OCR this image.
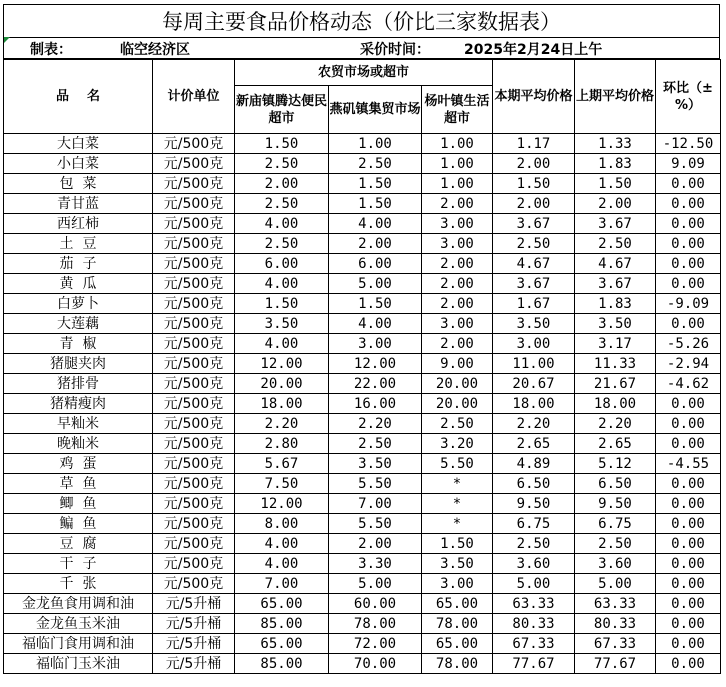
每周主要食品价格动态（价比三家数据表）
制表：	临空经济区	采价时间： 2025年2月24日上午
品    名	计价单位	农贸市场或超市			本期平均价格	上期平均价格	环比（±%）
		新庙镇腾达便民超市	燕矶镇集贸市场	杨叶镇生活超市			

大白菜	元/500克	1.50	1.00	1.00	1.17	1.33	-12.50
小白菜	元/500克	2.50	2.50	1.00	2.00	1.83	9.09
包  菜	元/500克	2.00	1.50	1.00	1.50	1.50	0.00
青甘蓝	元/500克	2.50	1.50	2.00	2.00	2.00	0.00
西红柿	元/500克	4.00	4.00	3.00	3.67	3.67	0.00
土  豆	元/500克	2.50	2.00	3.00	2.50	2.50	0.00
茄  子	元/500克	6.00	6.00	2.00	4.67	4.67	0.00
黄  瓜	元/500克	4.00	5.00	2.00	3.67	3.67	0.00
白萝卜	元/500克	1.50	1.50	2.00	1.67	1.83	-9.09
大莲藕	元/500克	3.50	4.00	3.00	3.50	3.50	0.00
青  椒	元/500克	4.00	3.00	2.00	3.00	3.17	-5.26
猪腿夹肉	元/500克	12.00	12.00	9.00	11.00	11.33	-2.94
猪排骨	元/500克	20.00	22.00	20.00	20.67	21.67	-4.62
猪精瘦肉	元/500克	18.00	16.00	20.00	18.00	18.00	0.00
早籼米	元/500克	2.20	2.20	2.50	2.20	2.20	0.00
晚籼米	元/500克	2.80	2.50	3.20	2.65	2.65	0.00
鸡  蛋	元/500克	5.67	3.50	5.50	4.89	5.12	-4.55
草  鱼	元/500克	7.50	5.50	*	6.50	6.50	0.00
鲫  鱼	元/500克	12.00	7.00	*	9.50	9.50	0.00
鳊  鱼	元/500克	8.00	5.50	*	6.75	6.75	0.00
豆  腐	元/500克	4.00	2.00	1.50	2.50	2.50	0.00
干  子	元/500克	4.00	3.30	3.50	3.60	3.60	0.00
千  张	元/500克	7.00	5.00	3.00	5.00	5.00	0.00
金龙鱼食用调和油	元/5升桶	65.00	60.00	65.00	63.33	63.33	0.00
金龙鱼玉米油	元/5升桶	85.00	78.00	78.00	80.33	80.33	0.00
福临门食用调和油	元/5升桶	65.00	72.00	65.00	67.33	67.33	0.00
福临门玉米油	元/5升桶	85.00	70.00	78.00	77.67	77.67	0.00
